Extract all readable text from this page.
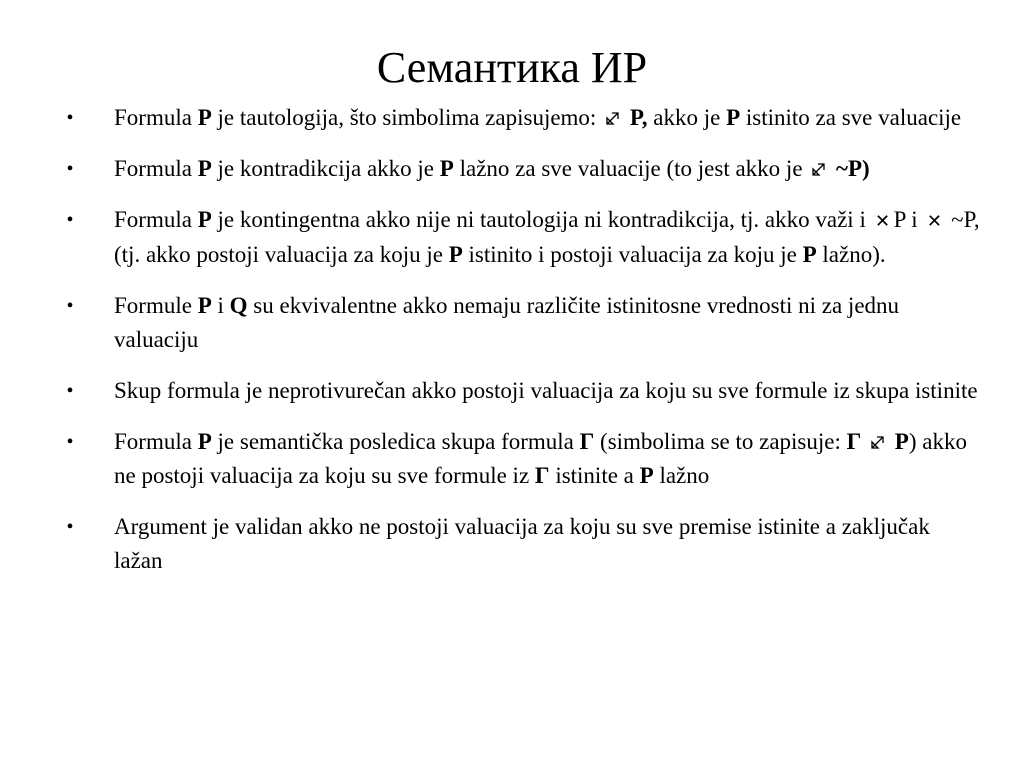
Семантика ИР
• Formula P je tautologija, što simbolima zapisujemo:  P, akko je P istinito za sve valuacije
• Formula P je kontradikcija akko je P lažno za sve valuacije (to jest akko je  ~P)
• Formula P je kontingentna akko nije ni tautologija ni kontradikcija, tj. akko važi i ✕ P i ✕ ~P, (tj. akko postoji valuacija za koju je P istinito i postoji valuacija za koju je P lažno).
• Formule P i Q su ekvivalentne akko nemaju različite istinitosne vrednosti ni za jednu valuaciju
• Skup formula je neprotivurečan akko postoji valuacija za koju su sve formule iz skupa istinite
• Formula P je semantička posledica skupa formula Γ (simbolima se to zapisuje: Γ P) akko ne postoji valuacija za koju su sve formule iz Γ istinite a P lažno
• Argument je validan akko ne postoji valuacija za koju su sve premise istinite a zaključak lažan
